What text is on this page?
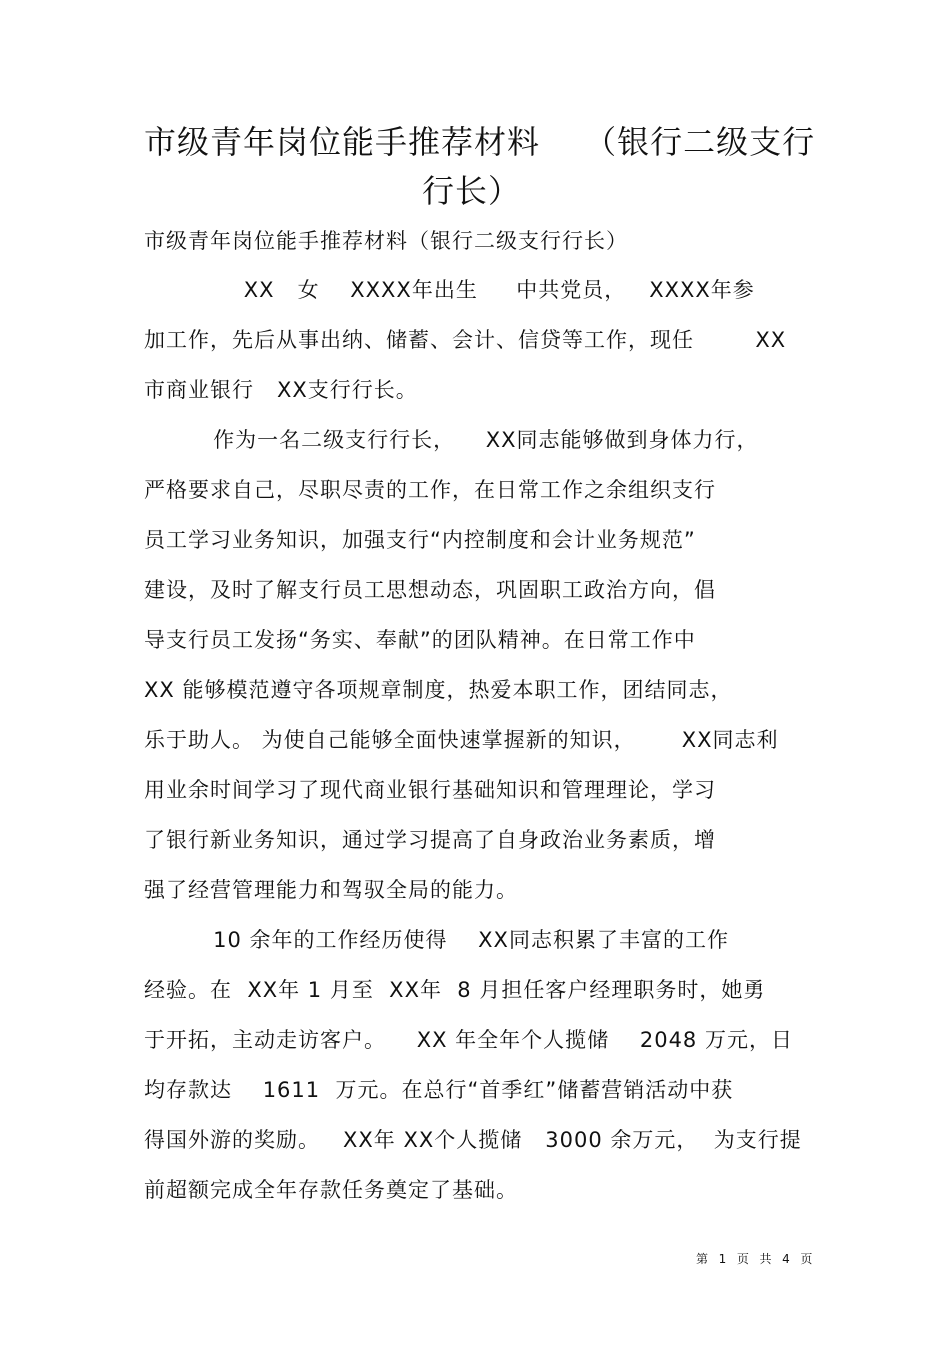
市级青年岗位能手推荐材料　 （银行二级支行
行长）
市级青年岗位能手推荐材料（银行二级支行行长）
XX   女    XXXX年出生     中共党员，   XXXX年参
加工作，先后从事出纳、储蓄、会计、信贷等工作，现任        XX
市商业银行   XX支行行长。
作为一名二级支行行长，    XX同志能够做到身体力行，
严格要求自己，尽职尽责的工作，在日常工作之余组织支行
员工学习业务知识，加强支行“内控制度和会计业务规范”
建设，及时了解支行员工思想动态，巩固职工政治方向，倡
导支行员工发扬“务实、奉献”的团队精神。在日常工作中
XX 能够模范遵守各项规章制度，热爱本职工作，团结同志，
乐于助人。 为使自己能够全面快速掌握新的知识，      XX同志利
用业余时间学习了现代商业银行基础知识和管理理论，学习
了银行新业务知识，通过学习提高了自身政治业务素质，增
强了经营管理能力和驾驭全局的能力。
10 余年的工作经历使得    XX同志积累了丰富的工作
经验。在  XX年 1 月至  XX年  8 月担任客户经理职务时，她勇
于开拓，主动走访客户。    XX 年全年个人揽储    2048 万元，日
均存款达    1611  万元。在总行“首季红”储蓄营销活动中获
得国外游的奖励。   XX年 XX个人揽储   3000 余万元，  为支行提
前超额完成全年存款任务奠定了基础。
第  1  页  共  4  页
